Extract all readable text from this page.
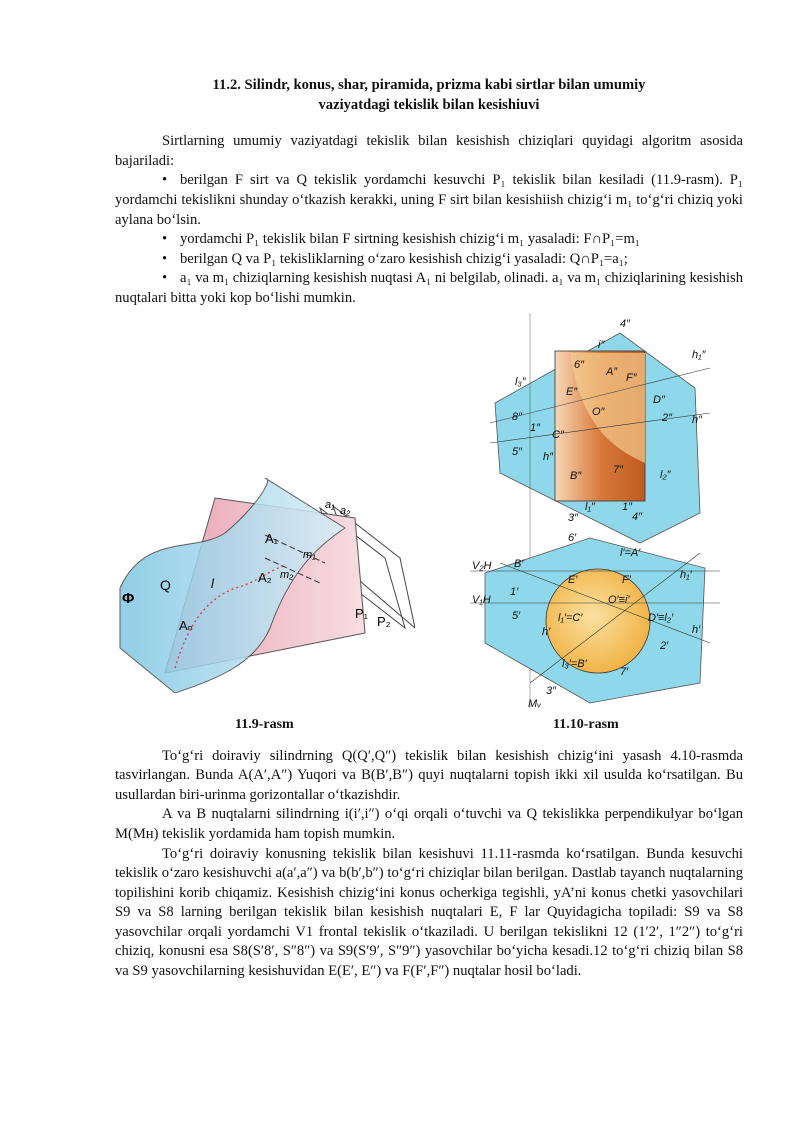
11.2. Silindr, konus, shar, piramida, prizma kabi sirtlar bilan umumiy
vaziyatdagi tekislik bilan kesishiuvi

Sirtlarning umumiy vaziyatdagi tekislik bilan kesishish chiziqlari quyidagi algoritm asosida bajariladi:

• berilgan F sirt va Q tekislik yordamchi kesuvchi P₁ tekislik bilan kesiladi (11.9-rasm). P₁ yordamchi tekislikni shunday o‘tkazish kerakki, uning F sirt bilan kesishiish chizig‘i m₁ to‘g‘ri chiziq yoki aylana bo‘lsin.

• yordamchi P₁ tekislik bilan F sirtning kesishish chizig‘i m₁ yasaladi: F∩P₁=m₁

• berilgan Q va P₁ tekisliklarning o‘zaro kesishish chizig‘i yasaladi: Q∩P₁=a₁;

• a₁ va m₁ chiziqlarning kesishish nuqtasi A₁ ni belgilab, olinadi. a₁ va m₁ chiziqlarining kesishish nuqtalari bitta yoki kop bo‘lishi mumkin.

Φ
Q	l
A₁
A₂
Aₙ
m₁
m₂
a₁ a₂
P₁
P₂
4″
i″
l₃″
6″
A″ F″
h₁″
E″
D″
O″
8″	2″ h″
C″
1″
5″ h″
B″	7″	l₂″
3″
l₁″ 1″
4″
6′
V₂H B′
l′=A′
h₁′
E′	F′
V₁H
1′
5′	l₁′=C′
O′≡i′
D′≡l₂′
h′	h′
2′
l₃′=B′
7′
3″
Mᵥ
11.9-rasm	11.10-rasm

To‘g‘ri doiraviy silindrning Q(Q′,Q″) tekislik bilan kesishish chizig‘ini yasash 4.10-rasmda tasvirlangan. Bunda A(A′,A″) Yuqori va B(B′,B″) quyi nuqtalarni topish ikki xil usulda ko‘rsatilgan. Bu usullardan biri-urinma gorizontallar o‘tkazishdir.

A va B nuqtalarni silindrning i(i′,i″) o‘qi orqali o‘tuvchi va Q tekislikka perpendikulyar bo‘lgan M(Mн) tekislik yordamida ham topish mumkin.

To‘g‘ri doiraviy konusning tekislik bilan kesishuvi 11.11-rasmda ko‘rsatilgan. Bunda kesuvchi tekislik o‘zaro kesishuvchi a(a′,a″) va b(b′,b″) to‘g‘ri chiziqlar bilan berilgan. Dastlab tayanch nuqtalarning topilishini korib chiqamiz. Kesishish chizig‘ini konus ocherkiga tegishli, yA’ni konus chetki yasovchilari S9 va S8 larning berilgan tekislik bilan kesishish nuqtalari E, F lar Quyidagicha topiladi: S9 va S8 yasovchilar orqali yordamchi V1 frontal tekislik o‘tkaziladi. U berilgan tekislikni 12 (1′2′, 1″2″) to‘g‘ri chiziq, konusni esa S8(S′8′, S″8″) va S9(S′9′, S″9″) yasovchilar bo‘yicha kesadi.12 to‘g‘ri chiziq bilan S8 va S9 yasovchilarning kesishuvidan E(E′, E″) va F(F′,F″) nuqtalar hosil bo‘ladi.
